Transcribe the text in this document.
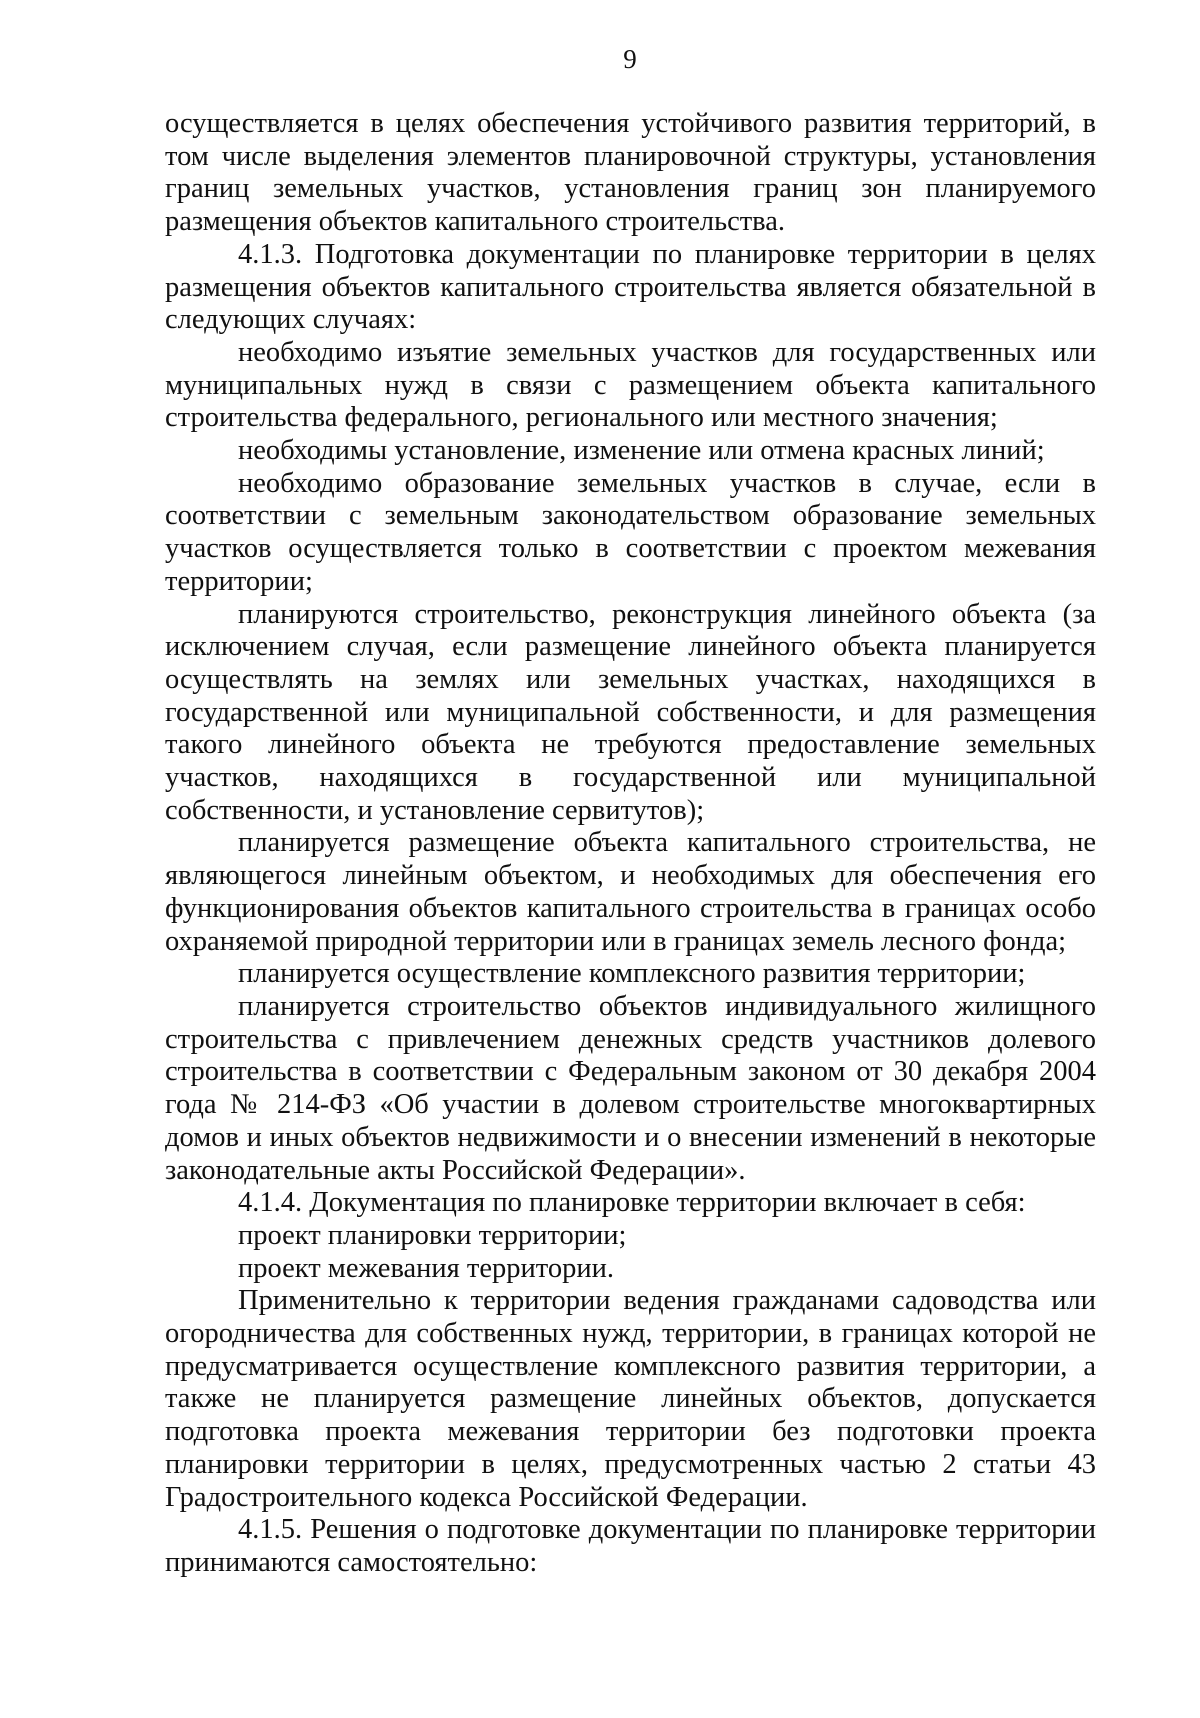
9

осуществляется в целях обеспечения устойчивого развития территорий, в том числе выделения элементов планировочной структуры, установления границ земельных участков, установления границ зон планируемого размещения объектов капитального строительства.

4.1.3. Подготовка документации по планировке территории в целях размещения объектов капитального строительства является обязательной в следующих случаях:

необходимо изъятие земельных участков для государственных или муниципальных нужд в связи с размещением объекта капитального строительства федерального, регионального или местного значения;

необходимы установление, изменение или отмена красных линий;

необходимо образование земельных участков в случае, если в соответствии с земельным законодательством образование земельных участков осуществляется только в соответствии с проектом межевания территории;

планируются строительство, реконструкция линейного объекта (за исключением случая, если размещение линейного объекта планируется осуществлять на землях или земельных участках, находящихся в государственной или муниципальной собственности, и для размещения такого линейного объекта не требуются предоставление земельных участков, находящихся в государственной или муниципальной собственности, и установление сервитутов);

планируется размещение объекта капитального строительства, не являющегося линейным объектом, и необходимых для обеспечения его функционирования объектов капитального строительства в границах особо охраняемой природной территории или в границах земель лесного фонда;

планируется осуществление комплексного развития территории;

планируется строительство объектов индивидуального жилищного строительства с привлечением денежных средств участников долевого строительства в соответствии с Федеральным законом от 30 декабря 2004 года № 214-ФЗ «Об участии в долевом строительстве многоквартирных домов и иных объектов недвижимости и о внесении изменений в некоторые законодательные акты Российской Федерации».

4.1.4. Документация по планировке территории включает в себя:

проект планировки территории;

проект межевания территории.

Применительно к территории ведения гражданами садоводства или огородничества для собственных нужд, территории, в границах которой не предусматривается осуществление комплексного развития территории, а также не планируется размещение линейных объектов, допускается подготовка проекта межевания территории без подготовки проекта планировки территории в целях, предусмотренных частью 2 статьи 43 Градостроительного кодекса Российской Федерации.

4.1.5. Решения о подготовке документации по планировке территории принимаются самостоятельно:
